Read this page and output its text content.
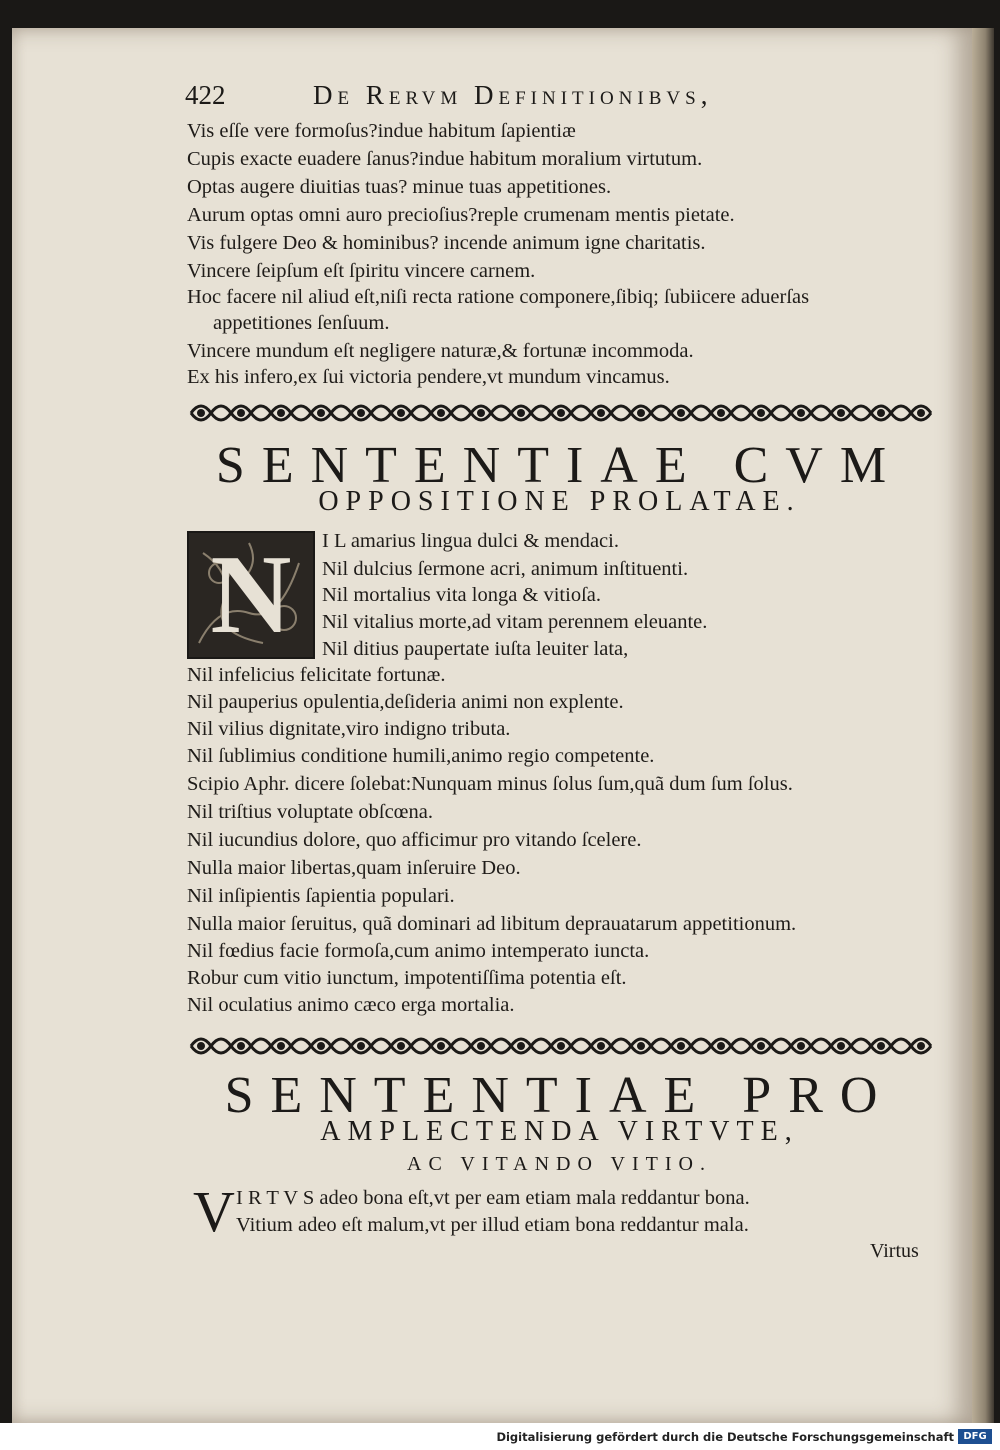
422	De Rervm Definitionibvs,
Vis eſſe vere formoſus?indue habitum ſapientiæ
Cupis exacte euadere ſanus?indue habitum moralium virtutum.
Optas augere diuitias tuas? minue tuas appetitiones.
Aurum optas omni auro precioſius?reple crumenam mentis pietate.
Vis fulgere Deo & hominibus? incende animum igne charitatis.
Vincere ſeipſum eſt ſpiritu vincere carnem.
Hoc facere nil aliud eſt,niſi recta ratione componere,ſibiq; ſubiicere aduerſas
appetitiones ſenſuum.
Vincere mundum eſt negligere naturæ,& fortunæ incommoda.
Ex his infero,ex ſui victoria pendere,vt mundum vincamus.
SENTENTIAE CVM
OPPOSITIONE PROLATAE.
N	I L amarius lingua dulci & mendaci.
Nil dulcius ſermone acri, animum inſtituenti.
Nil mortalius vita longa & vitioſa.
Nil vitalius morte,ad vitam perennem eleuante.
Nil ditius paupertate iuſta leuiter lata,
Nil infelicius felicitate fortunæ.
Nil pauperius opulentia,deſideria animi non explente.
Nil vilius dignitate,viro indigno tributa.
Nil ſublimius conditione humili,animo regio competente.
Scipio Aphr. dicere ſolebat:Nunquam minus ſolus ſum,quã dum ſum ſolus.
Nil triſtius voluptate obſcœna.
Nil iucundius dolore, quo afficimur pro vitando ſcelere.
Nulla maior libertas,quam inſeruire Deo.
Nil inſipientis ſapientia populari.
Nulla maior ſeruitus, quã dominari ad libitum deprauatarum appetitionum.
Nil fœdius facie formoſa,cum animo intemperato iuncta.
Robur cum vitio iunctum, impotentiſſima potentia eſt.
Nil oculatius animo cæco erga mortalia.
SENTENTIAE PRO
AMPLECTENDA VIRTVTE,
AC VITANDO VITIO.
V I R T V S adeo bona eſt,vt per eam etiam mala reddantur bona.
Vitium adeo eſt malum,vt per illud etiam bona reddantur mala.
Virtus
Digitalisierung gefördert durch die Deutsche Forschungsgemeinschaft DFG
